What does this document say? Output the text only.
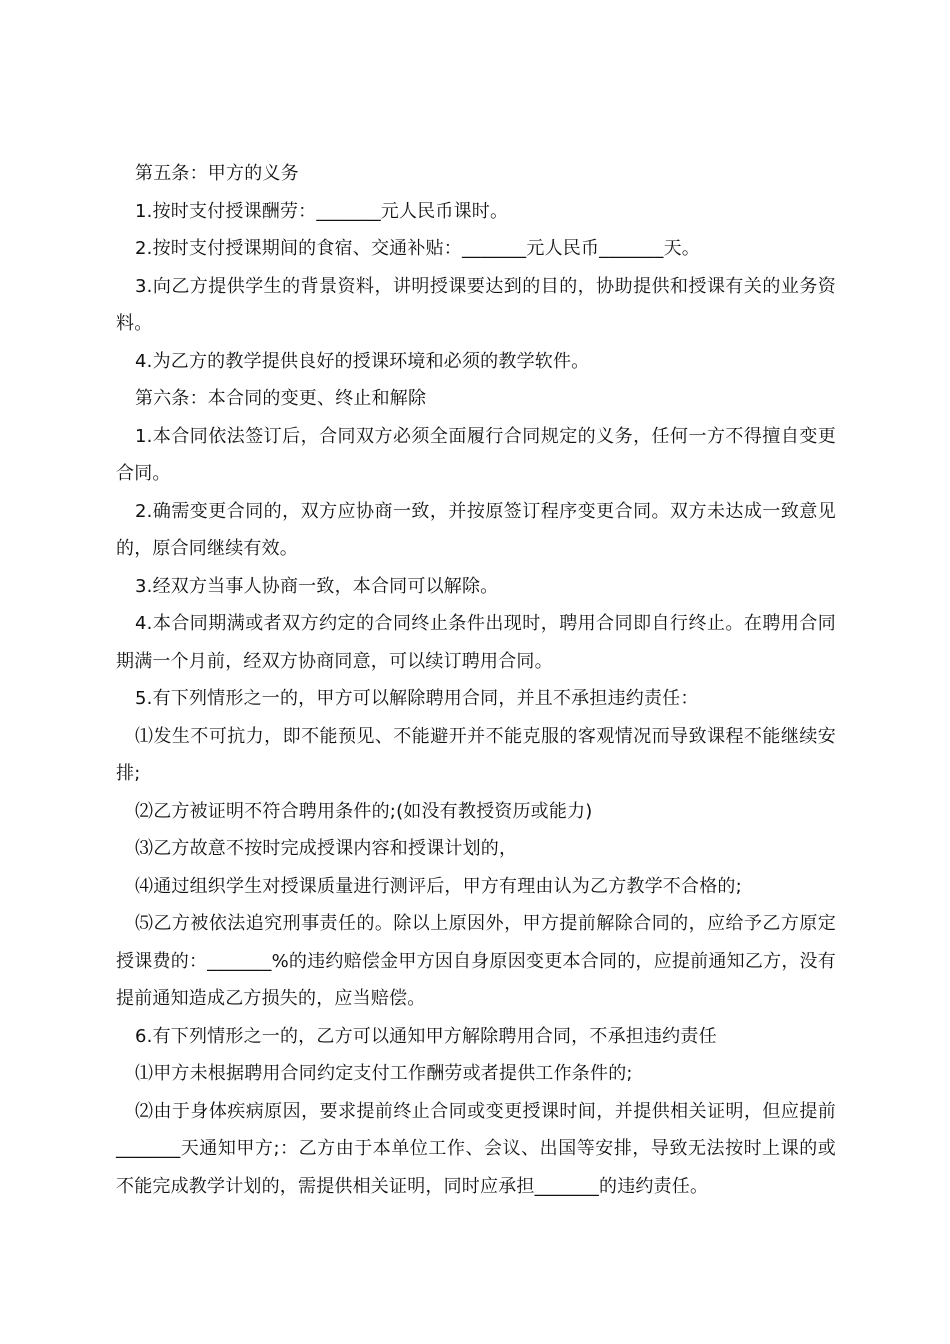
第五条：甲方的义务

1.按时支付授课酬劳：_______元人民币课时。

2.按时支付授课期间的食宿、交通补贴：_______元人民币_______天。

3.向乙方提供学生的背景资料，讲明授课要达到的目的，协助提供和授课有关的业务资料。

4.为乙方的教学提供良好的授课环境和必须的教学软件。

第六条：本合同的变更、终止和解除

1.本合同依法签订后，合同双方必须全面履行合同规定的义务，任何一方不得擅自变更合同。

2.确需变更合同的，双方应协商一致，并按原签订程序变更合同。双方未达成一致意见的，原合同继续有效。

3.经双方当事人协商一致，本合同可以解除。

4.本合同期满或者双方约定的合同终止条件出现时，聘用合同即自行终止。在聘用合同期满一个月前，经双方协商同意，可以续订聘用合同。

5.有下列情形之一的，甲方可以解除聘用合同，并且不承担违约责任：

⑴发生不可抗力，即不能预见、不能避开并不能克服的客观情况而导致课程不能继续安排;

⑵乙方被证明不符合聘用条件的;(如没有教授资历或能力)

⑶乙方故意不按时完成授课内容和授课计划的，

⑷通过组织学生对授课质量进行测评后，甲方有理由认为乙方教学不合格的;

⑸乙方被依法追究刑事责任的。除以上原因外，甲方提前解除合同的，应给予乙方原定授课费的：_______%的违约赔偿金甲方因自身原因变更本合同的，应提前通知乙方，没有提前通知造成乙方损失的，应当赔偿。

6.有下列情形之一的，乙方可以通知甲方解除聘用合同，不承担违约责任

⑴甲方未根据聘用合同约定支付工作酬劳或者提供工作条件的;

⑵由于身体疾病原因，要求提前终止合同或变更授课时间，并提供相关证明，但应提前_______天通知甲方;：乙方由于本单位工作、会议、出国等安排，导致无法按时上课的或不能完成教学计划的，需提供相关证明，同时应承担_______的违约责任。
